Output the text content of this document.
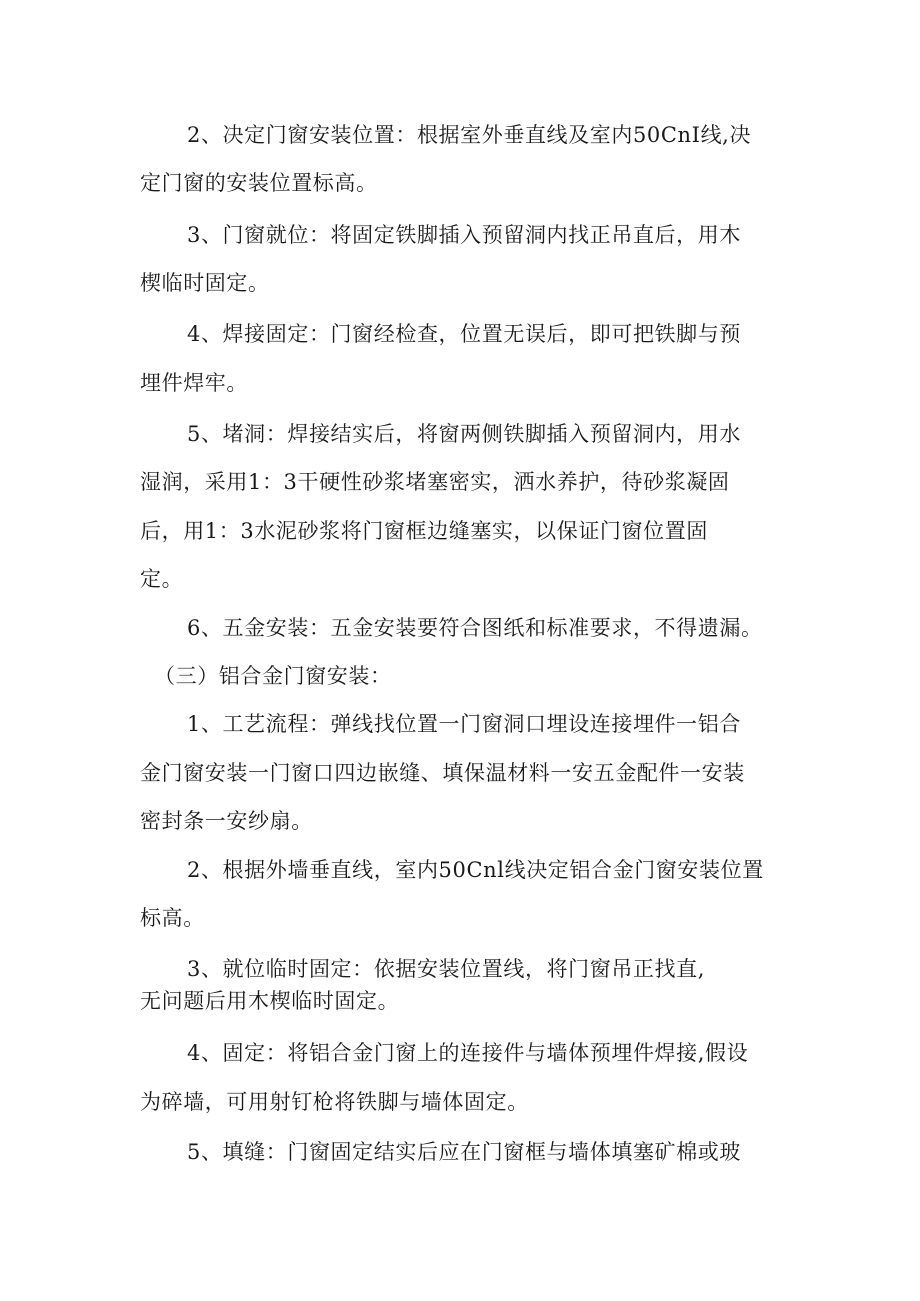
2、决定门窗安装位置：根据室外垂直线及室内50CnI线,决
定门窗的安装位置标高。
3、门窗就位：将固定铁脚插入预留洞内找正吊直后，用木
楔临时固定。
4、焊接固定：门窗经检查，位置无误后，即可把铁脚与预
埋件焊牢。
5、堵洞：焊接结实后，将窗两侧铁脚插入预留洞内，用水
湿润，采用1：3干硬性砂浆堵塞密实，洒水养护，待砂浆凝固
后，用1：3水泥砂浆将门窗框边缝塞实，以保证门窗位置固
定。
6、五金安装：五金安装要符合图纸和标准要求，不得遗漏。
（三）铝合金门窗安装：
1、工艺流程：弹线找位置一门窗洞口埋设连接埋件一铝合
金门窗安装一门窗口四边嵌缝、填保温材料一安五金配件一安装
密封条一安纱扇。
2、根据外墙垂直线，室内50Cnl线决定铝合金门窗安装位置
标高。
3、就位临时固定：依据安装位置线，将门窗吊正找直,
无问题后用木楔临时固定。
4、固定：将铝合金门窗上的连接件与墙体预埋件焊接,假设
为碎墙，可用射钉枪将铁脚与墙体固定。
5、填缝：门窗固定结实后应在门窗框与墙体填塞矿棉或玻
